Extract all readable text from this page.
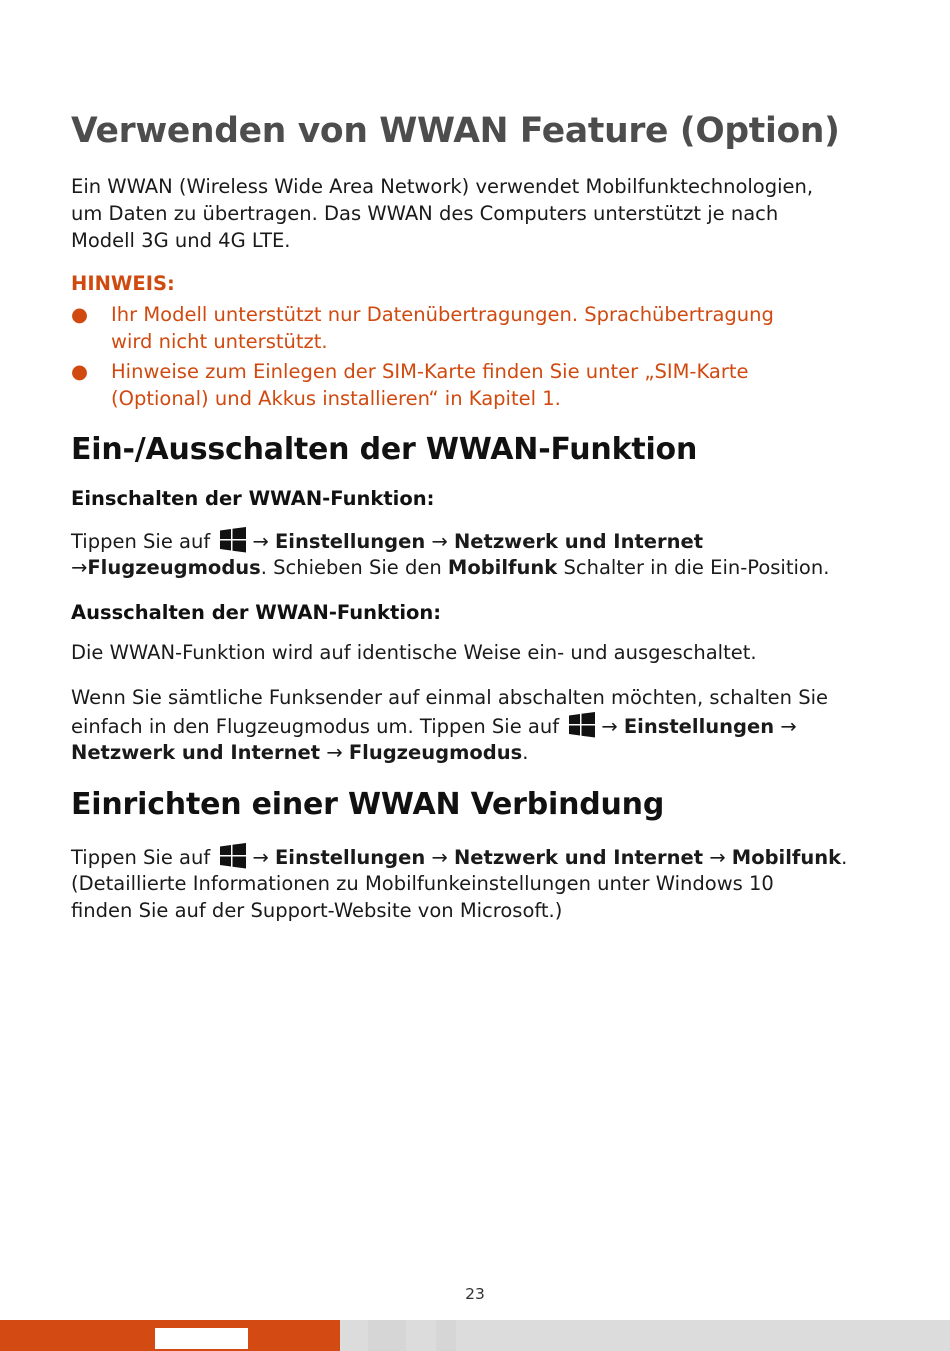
Verwenden von WWAN Feature (Option)

Ein WWAN (Wireless Wide Area Network) verwendet Mobilfunktechnologien,

um Daten zu übertragen. Das WWAN des Computers unterstützt je nach

Modell 3G und 4G LTE.

HINWEIS:

● Ihr Modell unterstützt nur Datenübertragungen. Sprachübertragung
wird nicht unterstützt.
● Hinweise zum Einlegen der SIM-Karte finden Sie unter „SIM-Karte
(Optional) und Akkus installieren“ in Kapitel 1.
Ein-/Ausschalten der WWAN-Funktion
Einschalten der WWAN-Funktion:

Tippen Sie auf → Einstellungen → Netzwerk und Internet

→Flugzeugmodus. Schieben Sie den Mobilfunk Schalter in die Ein-Position.

Ausschalten der WWAN-Funktion:

Die WWAN-Funktion wird auf identische Weise ein- und ausgeschaltet.

Wenn Sie sämtliche Funksender auf einmal abschalten möchten, schalten Sie

einfach in den Flugzeugmodus um. Tippen Sie auf → Einstellungen →

Netzwerk und Internet → Flugzeugmodus.

Einrichten einer WWAN Verbindung

Tippen Sie auf → Einstellungen → Netzwerk und Internet → Mobilfunk.

(Detaillierte Informationen zu Mobilfunkeinstellungen unter Windows 10

finden Sie auf der Support-Website von Microsoft.)

23
